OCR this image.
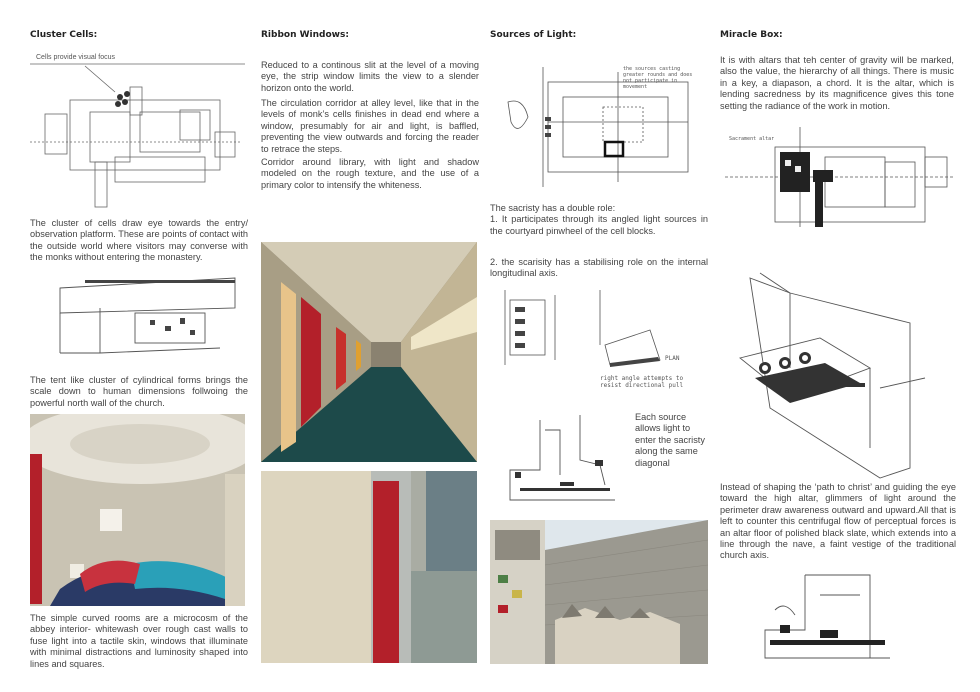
Cluster Cells:
Cells provide visual focus

The cluster of cells draw eye towards the entry/ observation platform. These are points of contact with the outside world where visitors may converse with the monks without entering the monastery.

The tent like cluster of cylindrical forms brings the scale down to human dimensions follwoing the powerful north wall of the church.

The simple curved rooms are a microcosm of the abbey interior- whitewash over rough cast walls to fuse light into a tactile skin, windows that illuminate with minimal distractions and luminosity shaped into lines and squares.

Ribbon Windows:

Reduced to a continous slit at the level of a moving eye, the strip window limits the view to a slender horizon onto the world.

The circulation corridor at alley level, like that in the levels of monk’s cells finishes in dead end where a window, presumably for air and light, is baffled, preventing the view outwards and forcing the reader to retrace the steps.

Corridor around library, with light and shadow modeled on the rough texture, and the use of a primary color to intensify the whiteness.

Sources of Light:
the sources casting greater rounds and does not participate in movement

The sacristy has a double role:
1. It participates through its angled light sources in the courtyard pinwheel of the cell blocks.

2. the scarisity has a stabilising role on the internal longitudinal axis.

PLAN
right angle attempts to resist directional pull

Each source allows light to enter the sacristy along the same diagonal

Miracle Box:

It is with altars that teh center of gravity will be marked, also the value, the hierarchy of all things. There is music in a key, a diapason, a chord. It is the altar, which is lending sacredness by its magnificence gives this tone setting the radiance of the work in motion.

Sacrament altar

Instead of shaping the ‘path to christ’ and guiding the eye toward the high altar, glimmers of light around the perimeter draw awareness outward and upward.All that is left to counter this centrifugal flow of perceptual forces is an altar floor of polished black slate, which extends into a line through the nave, a faint vestige of the traditional church axis.
